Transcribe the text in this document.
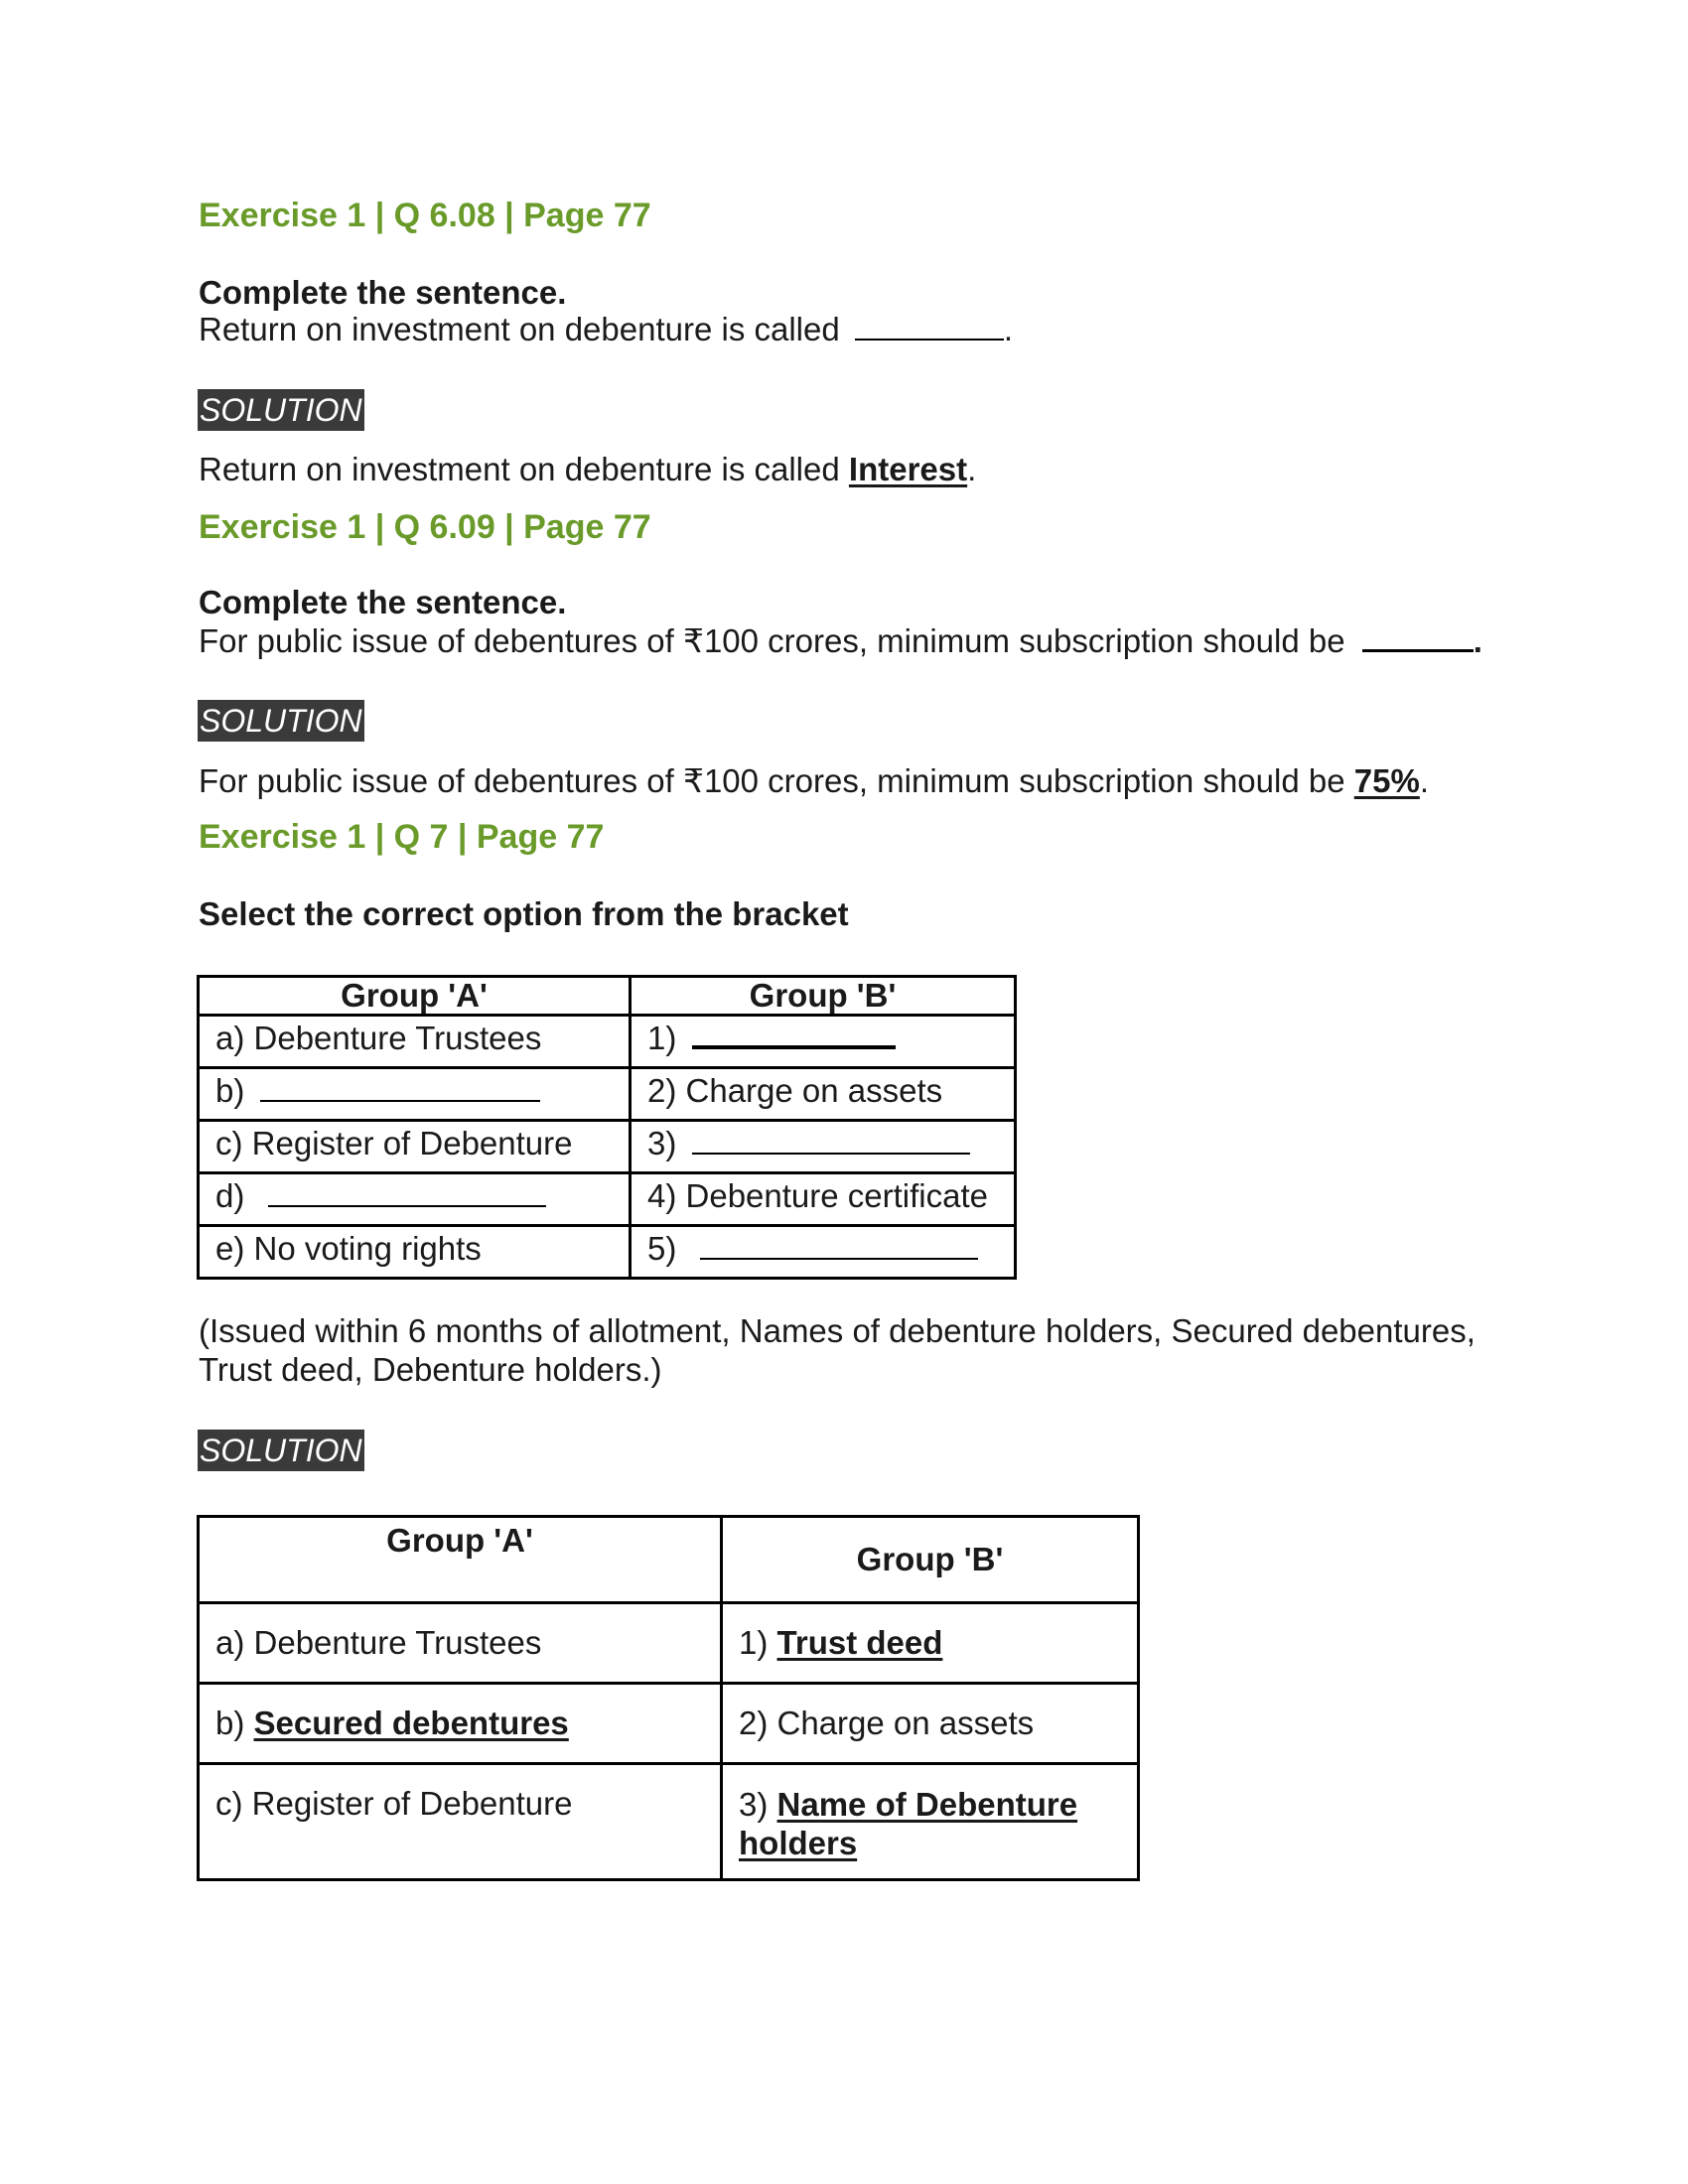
Exercise 1 | Q 6.08 | Page 77
Complete the sentence.
Return on investment on debenture is called	.
SOLUTION
Return on investment on debenture is called Interest.
Exercise 1 | Q 6.09 | Page 77
Complete the sentence.
For public issue of debentures of ₹100 crores, minimum subscription should be	.
SOLUTION
For public issue of debentures of ₹100 crores, minimum subscription should be 75%.
Exercise 1 | Q 7 | Page 77
Select the correct option from the bracket
Group 'A'	Group 'B'
a) Debenture Trustees	1)
b)	2) Charge on assets
c) Register of Debenture	3)
d)	4) Debenture certificate
e) No voting rights	5)
(Issued within 6 months of allotment, Names of debenture holders, Secured debentures,
Trust deed, Debenture holders.)
SOLUTION
Group 'A'	Group 'B'
a) Debenture Trustees	1) Trust deed
b) Secured debentures	2) Charge on assets
c) Register of Debenture	3) Name of Debenture
holders
